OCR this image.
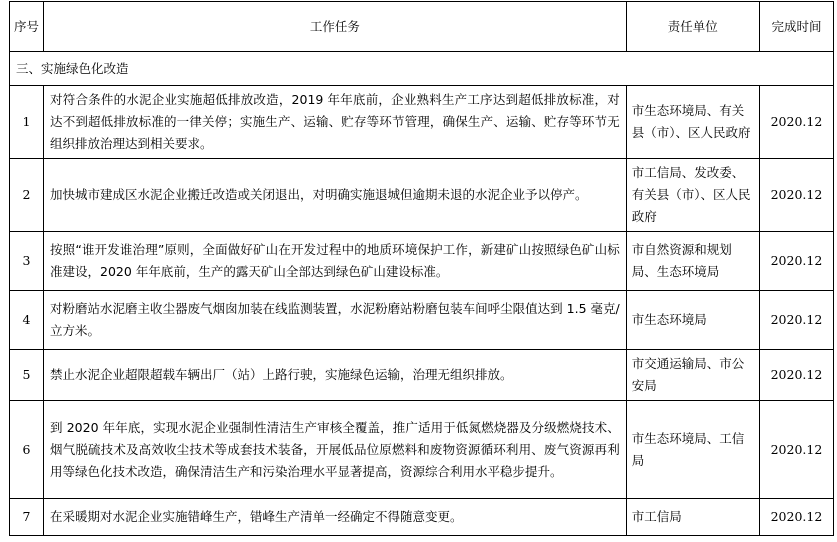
序号	工作任务	责任单位	完成时间
三、实施绿色化改造			
1	对符合条件的水泥企业实施超低排放改造，2019 年年底前，企业熟料生产工序达到超低排放标准，对达不到超低排放标准的一律关停；实施生产、运输、贮存等环节管理，确保生产、运输、贮存等环节无组织排放治理达到相关要求。	市生态环境局、有关县（市）、区人民政府	2020.12
2	加快城市建成区水泥企业搬迁改造或关闭退出，对明确实施退城但逾期未退的水泥企业予以停产。	市工信局、发改委、有关县（市）、区人民政府	2020.12
3	按照“谁开发谁治理”原则，全面做好矿山在开发过程中的地质环境保护工作，新建矿山按照绿色矿山标准建设，2020 年年底前，生产的露天矿山全部达到绿色矿山建设标准。	市自然资源和规划局、生态环境局	2020.12
4	对粉磨站水泥磨主收尘器废气烟囱加装在线监测装置，水泥粉磨站粉磨包装车间呼尘限值达到 1.5 毫克/立方米。	市生态环境局	2020.12
5	禁止水泥企业超限超载车辆出厂（站）上路行驶，实施绿色运输，治理无组织排放。	市交通运输局、市公安局	2020.12
6	到 2020 年年底，实现水泥企业强制性清洁生产审核全覆盖，推广适用于低氮燃烧器及分级燃烧技术、烟气脱硫技术及高效收尘技术等成套技术装备，开展低品位原燃料和废物资源循环利用、废气资源再利用等绿色化技术改造，确保清洁生产和污染治理水平显著提高，资源综合利用水平稳步提升。	市生态环境局、工信局	2020.12
7	在采暖期对水泥企业实施错峰生产，错峰生产清单一经确定不得随意变更。	市工信局	2020.12
